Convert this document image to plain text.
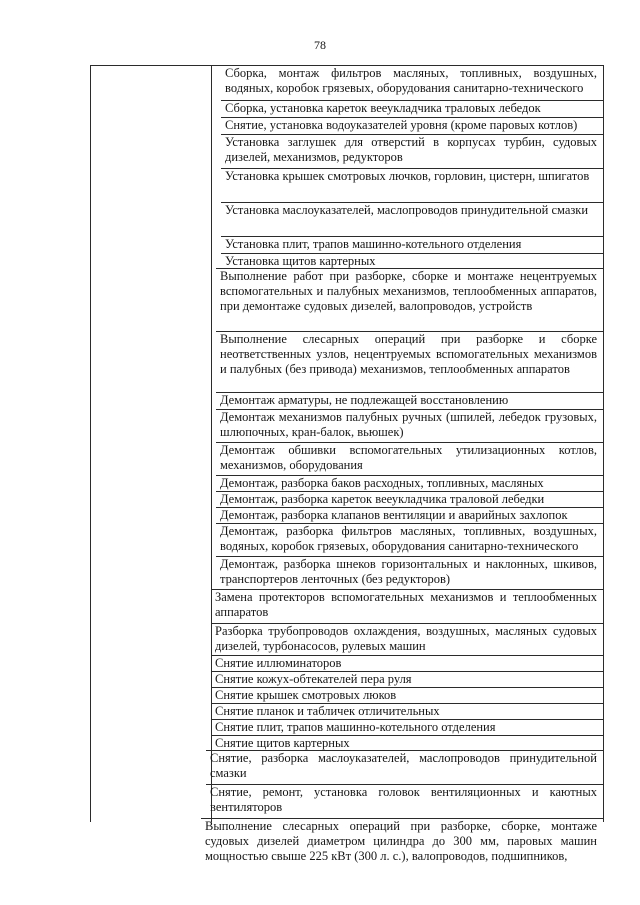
78
Сборка, монтаж фильтров масляных, топливных, воздушных, водяных, коробок грязевых, оборудования санитарно-технического
Сборка, установка кареток вееукладчика траловых лебедок
Снятие, установка водоуказателей уровня (кроме паровых котлов)
Установка заглушек для отверстий в корпусах турбин, судовых дизелей, механизмов, редукторов
Установка крышек смотровых лючков, горловин, цистерн, шпигатов
Установка маслоуказателей, маслопроводов принудительной смазки
Установка плит, трапов машинно-котельного отделения
Установка щитов картерных
Выполнение работ при разборке, сборке и монтаже нецентруемых вспомогательных и палубных механизмов, теплообменных аппаратов, при демонтаже судовых дизелей, валопроводов, устройств
Выполнение слесарных операций при разборке и сборке неответственных узлов, нецентруемых вспомогательных механизмов и палубных (без привода) механизмов, теплообменных аппаратов
Демонтаж арматуры, не подлежащей восстановлению
Демонтаж механизмов палубных ручных (шпилей, лебедок грузовых, шлюпочных, кран-балок, вьюшек)
Демонтаж обшивки вспомогательных утилизационных котлов, механизмов, оборудования
Демонтаж, разборка баков расходных, топливных, масляных
Демонтаж, разборка кареток вееукладчика траловой лебедки
Демонтаж, разборка клапанов вентиляции и аварийных захлопок
Демонтаж, разборка фильтров масляных, топливных, воздушных, водяных, коробок грязевых, оборудования санитарно-технического
Демонтаж, разборка шнеков горизонтальных и наклонных, шкивов, транспортеров ленточных (без редукторов)
Замена протекторов вспомогательных механизмов и теплообменных аппаратов
Разборка трубопроводов охлаждения, воздушных, масляных судовых дизелей, турбонасосов, рулевых машин
Снятие иллюминаторов
Снятие кожух-обтекателей пера руля
Снятие крышек смотровых люков
Снятие планок и табличек отличительных
Снятие плит, трапов машинно-котельного отделения
Снятие щитов картерных
Снятие, разборка маслоуказателей, маслопроводов принудительной смазки
Снятие, ремонт, установка головок вентиляционных и каютных вентиляторов
Выполнение слесарных операций при разборке, сборке, монтаже судовых дизелей диаметром цилиндра до 300 мм, паровых машин мощностью свыше 225 кВт (300 л. с.), валопроводов, подшипников,
